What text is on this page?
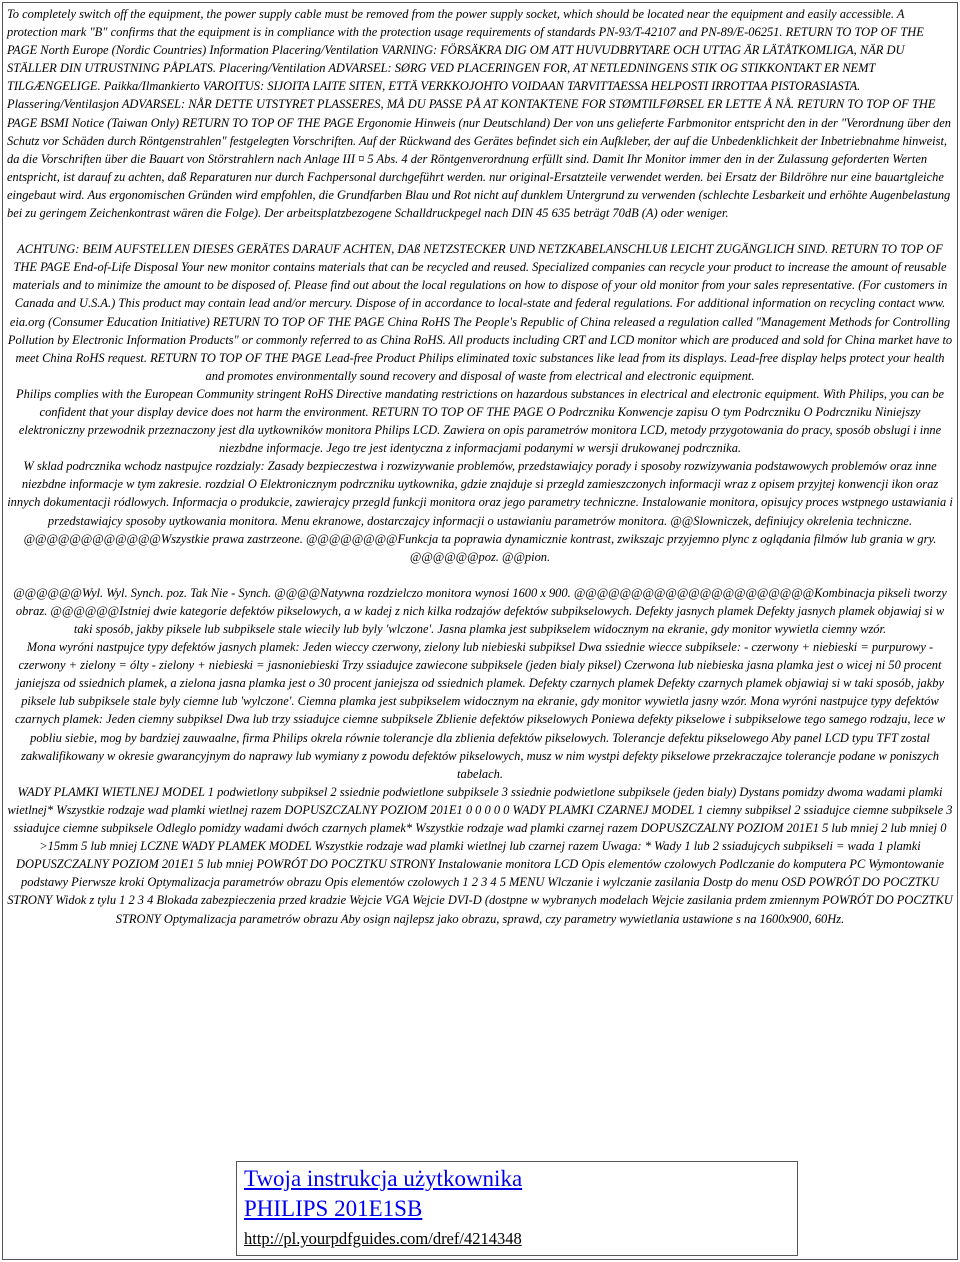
To completely switch off the equipment, the power supply cable must be removed from the power supply socket, which should be located near the equipment and easily accessible. A protection mark "B" confirms that the equipment is in compliance with the protection usage requirements of standards PN-93/T-42107 and PN-89/E-06251. RETURN TO TOP OF THE PAGE North Europe (Nordic Countries) Information Placering/Ventilation VARNING: FÖRSÄKRA DIG OM ATT HUVUDBRYTARE OCH UTTAG ÄR LÄTÅTKOMLIGA, NÄR DU STÄLLER DIN UTRUSTNING PÅPLATS. Placering/Ventilation ADVARSEL: SØRG VED PLACERINGEN FOR, AT NETLEDNINGENS STIK OG STIKKONTAKT ER NEMT TILGÆNGELIGE. Paikka/Ilmankierto VAROITUS: SIJOITA LAITE SITEN, ETTÄ VERKKOJOHTO VOIDAAN TARVITTAESSA HELPOSTI IRROTTAA PISTORASIASTA. Plassering/Ventilasjon ADVARSEL: NÅR DETTE UTSTYRET PLASSERES, MÅ DU PASSE PÅ AT KONTAKTENE FOR STØMTILFØRSEL ER LETTE Å NÅ. RETURN TO TOP OF THE PAGE BSMI Notice (Taiwan Only) RETURN TO TOP OF THE PAGE Ergonomie Hinweis (nur Deutschland) Der von uns gelieferte Farbmonitor entspricht den in der "Verordnung über den Schutz vor Schäden durch Röntgenstrahlen" festgelegten Vorschriften. Auf der Rückwand des Gerätes befindet sich ein Aufkleber, der auf die Unbedenklichkeit der Inbetriebnahme hinweist, da die Vorschriften über die Bauart von Störstrahlern nach Anlage III ¤ 5 Abs. 4 der Röntgenverordnung erfüllt sind. Damit Ihr Monitor immer den in der Zulassung geforderten Werten entspricht, ist darauf zu achten, daß Reparaturen nur durch Fachpersonal durchgeführt werden. nur original-Ersatzteile verwendet werden. bei Ersatz der Bildröhre nur eine bauartgleiche eingebaut wird. Aus ergonomischen Gründen wird empfohlen, die Grundfarben Blau und Rot nicht auf dunklem Untergrund zu verwenden (schlechte Lesbarkeit und erhöhte Augenbelastung bei zu geringem Zeichenkontrast wären die Folge). Der arbeitsplatzbezogene Schalldruckpegel nach DIN 45 635 beträgt 70dB (A) oder weniger.

ACHTUNG: BEIM AUFSTELLEN DIESES GERÄTES DARAUF ACHTEN, DAß NETZSTECKER UND NETZKABELANSCHLUß LEICHT ZUGÄNGLICH SIND. RETURN TO TOP OF THE PAGE End-of-Life Disposal Your new monitor contains materials that can be recycled and reused. Specialized companies can recycle your product to increase the amount of reusable materials and to minimize the amount to be disposed of. Please find out about the local regulations on how to dispose of your old monitor from your sales representative. (For customers in Canada and U.S.A.) This product may contain lead and/or mercury. Dispose of in accordance to local-state and federal regulations. For additional information on recycling contact www. eia.org (Consumer Education Initiative) RETURN TO TOP OF THE PAGE China RoHS The People's Republic of China released a regulation called "Management Methods for Controlling Pollution by Electronic Information Products" or commonly referred to as China RoHS. All products including CRT and LCD monitor which are produced and sold for China market have to meet China RoHS request. RETURN TO TOP OF THE PAGE Lead-free Product Philips eliminated toxic substances like lead from its displays. Lead-free display helps protect your health and promotes environmentally sound recovery and disposal of waste from electrical and electronic equipment.

Philips complies with the European Community stringent RoHS Directive mandating restrictions on hazardous substances in electrical and electronic equipment. With Philips, you can be confident that your display device does not harm the environment. RETURN TO TOP OF THE PAGE O Podrczniku Konwencje zapisu O tym Podrczniku O Podrczniku Niniejszy elektroniczny przewodnik przeznaczony jest dla uytkowników monitora Philips LCD. Zawiera on opis parametrów monitora LCD, metody przygotowania do pracy, sposób obslugi i inne niezbdne informacje. Jego tre jest identyczna z informacjami podanymi w wersji drukowanej podrcznika.

W sklad podrcznika wchodz nastpujce rozdzialy: Zasady bezpieczestwa i rozwizywanie problemów, przedstawiajcy porady i sposoby rozwizywania podstawowych problemów oraz inne niezbdne informacje w tym zakresie. rozdzial O Elektronicznym podrczniku uytkownika, gdzie znajduje si przegld zamieszczonych informacji wraz z opisem przyjtej konwencji ikon oraz innych dokumentacji ródlowych. Informacja o produkcie, zawierajcy przegld funkcji monitora oraz jego parametry techniczne. Instalowanie monitora, opisujcy proces wstpnego ustawiania i przedstawiajcy sposoby uytkowania monitora. Menu ekranowe, dostarczajcy informacji o ustawianiu parametrów monitora. @@Slowniczek, definiujcy okrelenia techniczne. @@@@@@@@@@@@Wszystkie prawa zastrzeone. @@@@@@@@Funkcja ta poprawia dynamicznie kontrast, zwikszajc przyjemno plync z oglądania filmów lub grania w gry. @@@@@@poz. @@pion.

@@@@@@Wyl. Wyl. Synch. poz. Tak Nie - Synch. @@@@Natywna rozdzielczo monitora wynosi 1600 x 900. @@@@@@@@@@@@@@@@@@@@@Kombinacja pikseli tworzy obraz. @@@@@@Istniej dwie kategorie defektów pikselowych, a w kadej z nich kilka rodzajów defektów subpikselowych. Defekty jasnych plamek Defekty jasnych plamek objawiaj si w taki sposób, jakby piksele lub subpiksele stale wiecily lub byly 'wlczone'. Jasna plamka jest subpikselem widocznym na ekranie, gdy monitor wywietla ciemny wzór.

Mona wyróni nastpujce typy defektów jasnych plamek: Jeden wieccy czerwony, zielony lub niebieski subpiksel Dwa ssiednie wiecce subpiksele: - czerwony + niebieski = purpurowy - czerwony + zielony = ólty - zielony + niebieski = jasnoniebieski Trzy ssiadujce zawiecone subpiksele (jeden bialy piksel) Czerwona lub niebieska jasna plamka jest o wicej ni 50 procent janiejsza od ssiednich plamek, a zielona jasna plamka jest o 30 procent janiejsza od ssiednich plamek. Defekty czarnych plamek Defekty czarnych plamek objawiaj si w taki sposób, jakby piksele lub subpiksele stale byly ciemne lub 'wylczone'. Ciemna plamka jest subpikselem widocznym na ekranie, gdy monitor wywietla jasny wzór. Mona wyróni nastpujce typy defektów czarnych plamek: Jeden ciemny subpiksel Dwa lub trzy ssiadujce ciemne subpiksele Zblienie defektów pikselowych Poniewa defekty pikselowe i subpikselowe tego samego rodzaju, lece w pobliu siebie, mog by bardziej zauwaalne, firma Philips okrela równie tolerancje dla zblienia defektów pikselowych. Tolerancje defektu pikselowego Aby panel LCD typu TFT zostal zakwalifikowany w okresie gwarancyjnym do naprawy lub wymiany z powodu defektów pikselowych, musz w nim wystpi defekty pikselowe przekraczajce tolerancje podane w poniszych tabelach.

WADY PLAMKI WIETLNEJ MODEL 1 podwietlony subpiksel 2 ssiednie podwietlone subpiksele 3 ssiednie podwietlone subpiksele (jeden bialy) Dystans pomidzy dwoma wadami plamki wietlnej* Wszystkie rodzaje wad plamki wietlnej razem DOPUSZCZALNY POZIOM 201E1 0 0 0 0 0 WADY PLAMKI CZARNEJ MODEL 1 ciemny subpiksel 2 ssiadujce ciemne subpiksele 3 ssiadujce ciemne subpiksele Odleglo pomidzy wadami dwóch czarnych plamek* Wszystkie rodzaje wad plamki czarnej razem DOPUSZCZALNY POZIOM 201E1 5 lub mniej 2 lub mniej 0 >15mm 5 lub mniej LCZNE WADY PLAMEK MODEL Wszystkie rodzaje wad plamki wietlnej lub czarnej razem Uwaga: * Wady 1 lub 2 ssiadujcych subpikseli = wada 1 plamki DOPUSZCZALNY POZIOM 201E1 5 lub mniej POWRÓT DO POCZTKU STRONY Instalowanie monitora LCD Opis elementów czolowych Podlczanie do komputera PC Wymontowanie podstawy Pierwsze kroki Optymalizacja parametrów obrazu Opis elementów czolowych 1 2 3 4 5 MENU Wlczanie i wylczanie zasilania Dostp do menu OSD POWRÓT DO POCZTKU STRONY Widok z tylu 1 2 3 4 Blokada zabezpieczenia przed kradzie Wejcie VGA Wejcie DVI-D (dostpne w wybranych modelach Wejcie zasilania prdem zmiennym POWRÓT DO POCZTKU STRONY Optymalizacja parametrów obrazu Aby osign najlepsz jako obrazu, sprawd, czy parametry wywietlania ustawione s na 1600x900, 60Hz.

Twoja instrukcja użytkownika
PHILIPS 201E1SB
http://pl.yourpdfguides.com/dref/4214348
